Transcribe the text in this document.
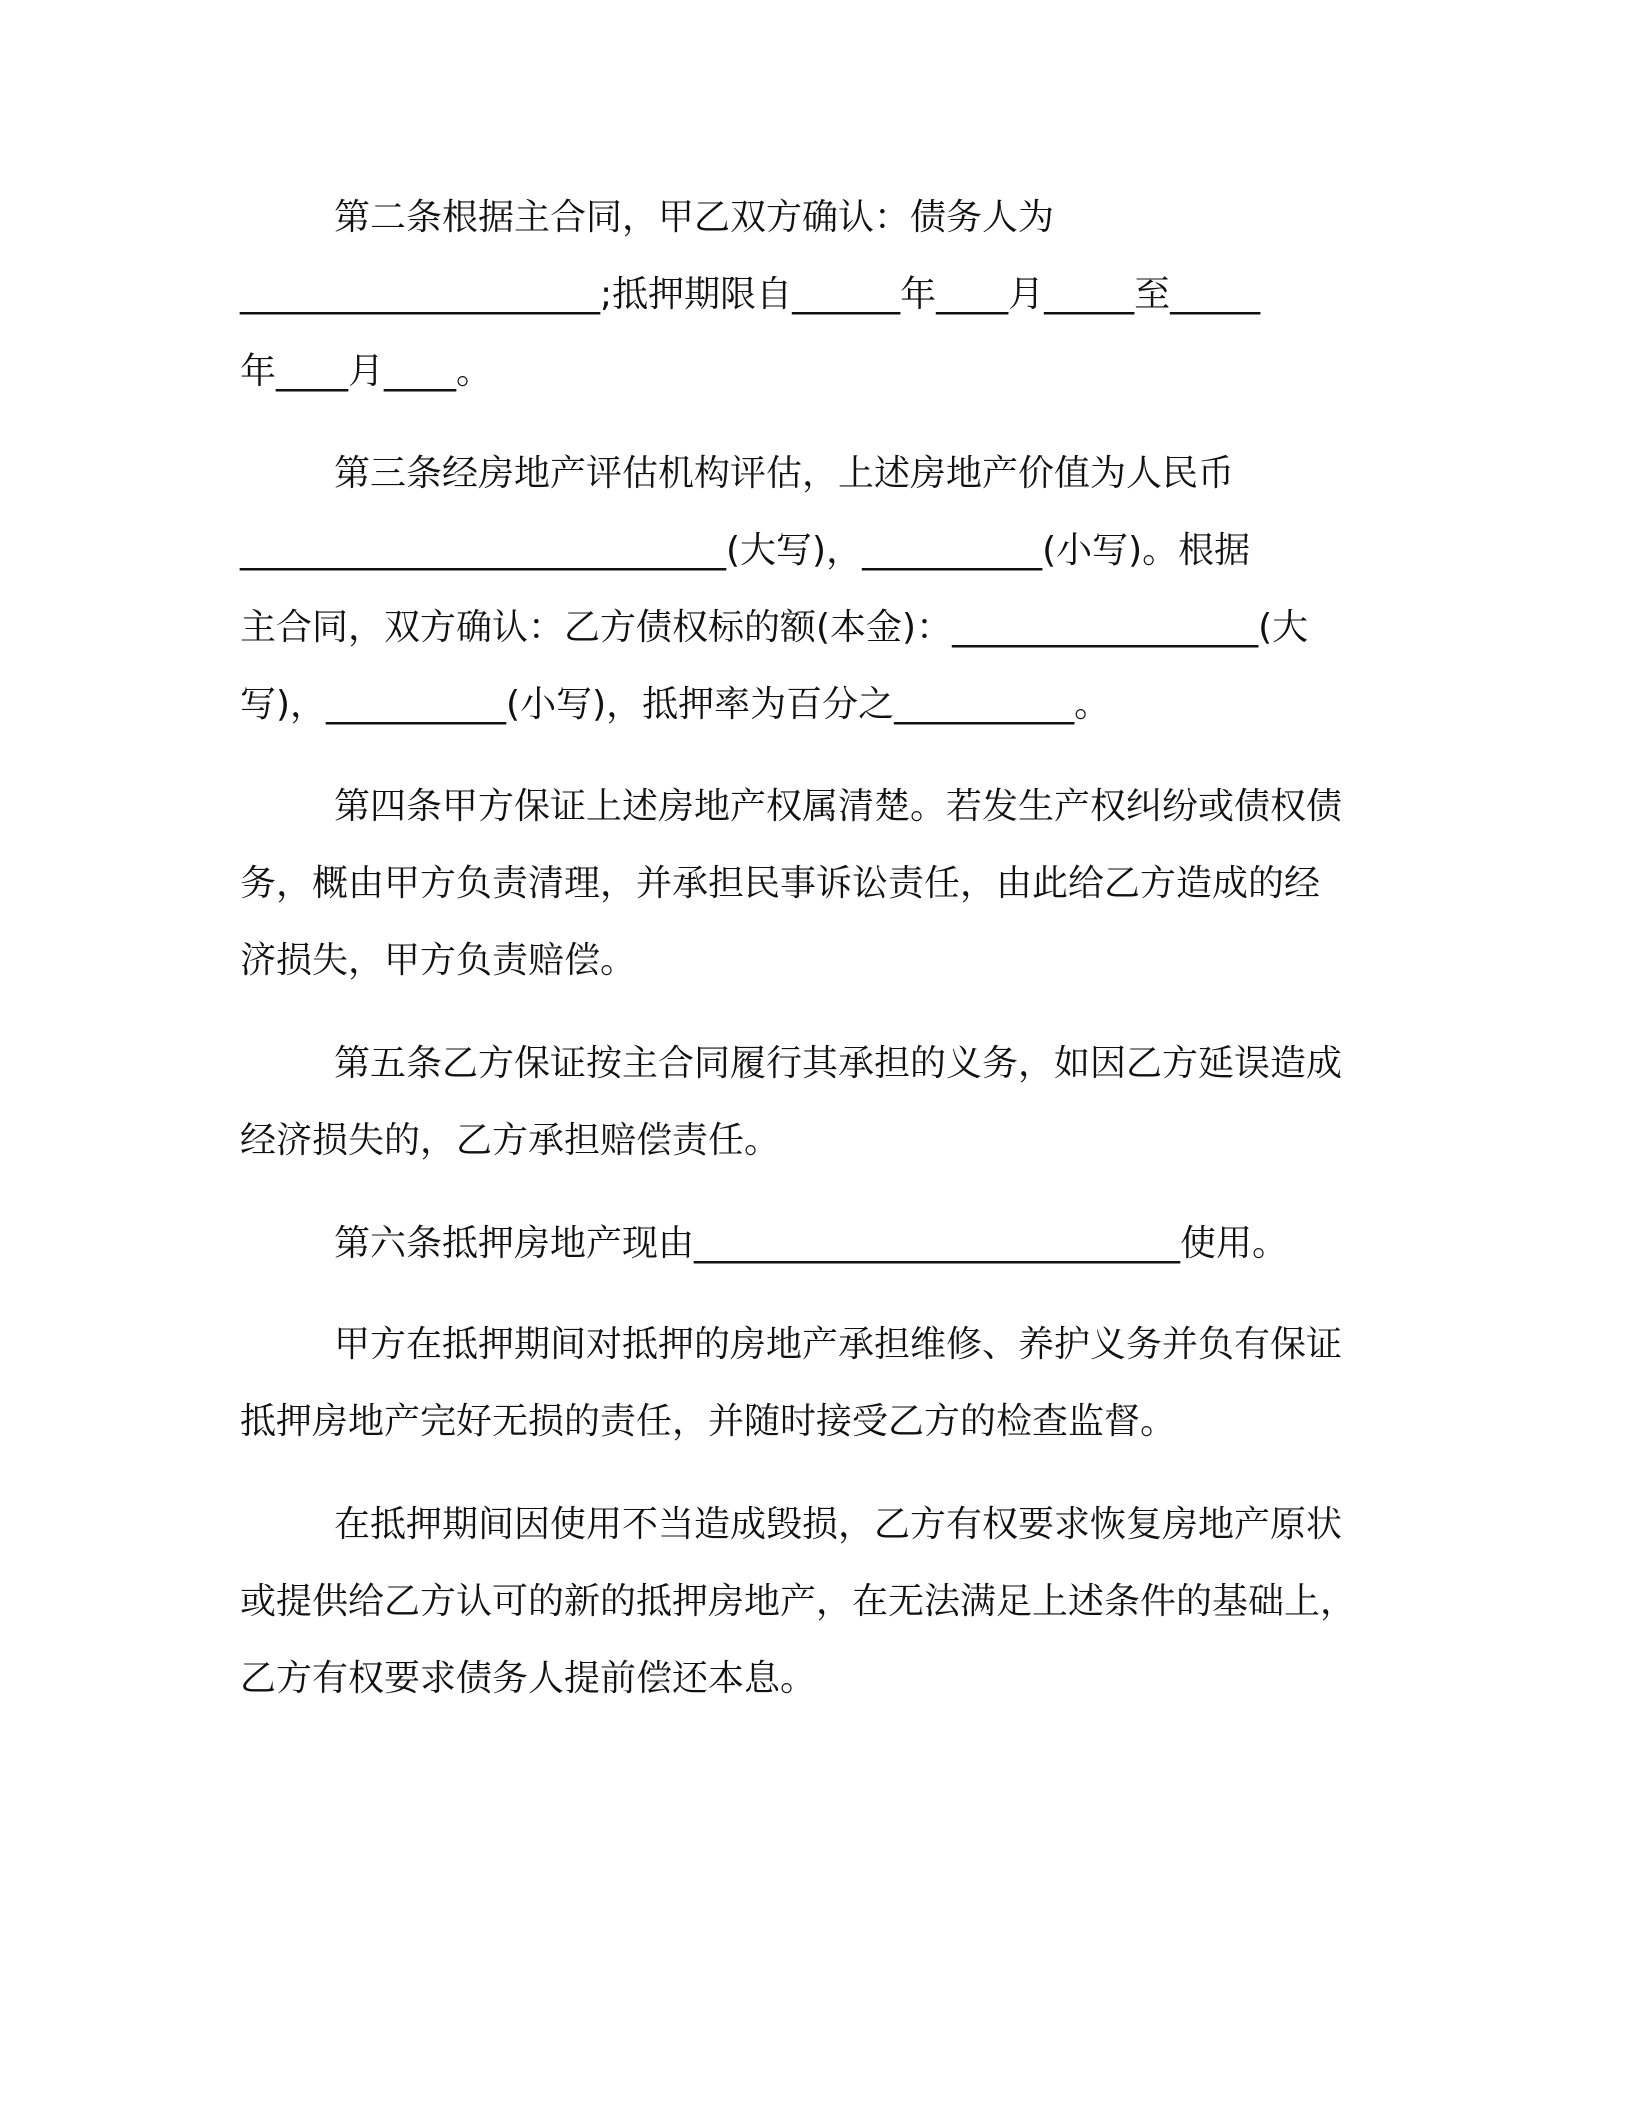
第二条根据主合同，甲乙双方确认：债务人为
____________________;抵押期限自______年____月_____至_____
年____月____。
第三条经房地产评估机构评估，上述房地产价值为人民币
___________________________(大写)，__________(小写)。根据
主合同，双方确认：乙方债权标的额(本金)：_________________(大
写)，__________(小写)，抵押率为百分之__________。
第四条甲方保证上述房地产权属清楚。若发生产权纠纷或债权债
务，概由甲方负责清理，并承担民事诉讼责任，由此给乙方造成的经
济损失，甲方负责赔偿。
第五条乙方保证按主合同履行其承担的义务，如因乙方延误造成
经济损失的，乙方承担赔偿责任。
第六条抵押房地产现由___________________________使用。
甲方在抵押期间对抵押的房地产承担维修、养护义务并负有保证
抵押房地产完好无损的责任，并随时接受乙方的检查监督。
在抵押期间因使用不当造成毁损，乙方有权要求恢复房地产原状
或提供给乙方认可的新的抵押房地产，在无法满足上述条件的基础上，
乙方有权要求债务人提前偿还本息。
